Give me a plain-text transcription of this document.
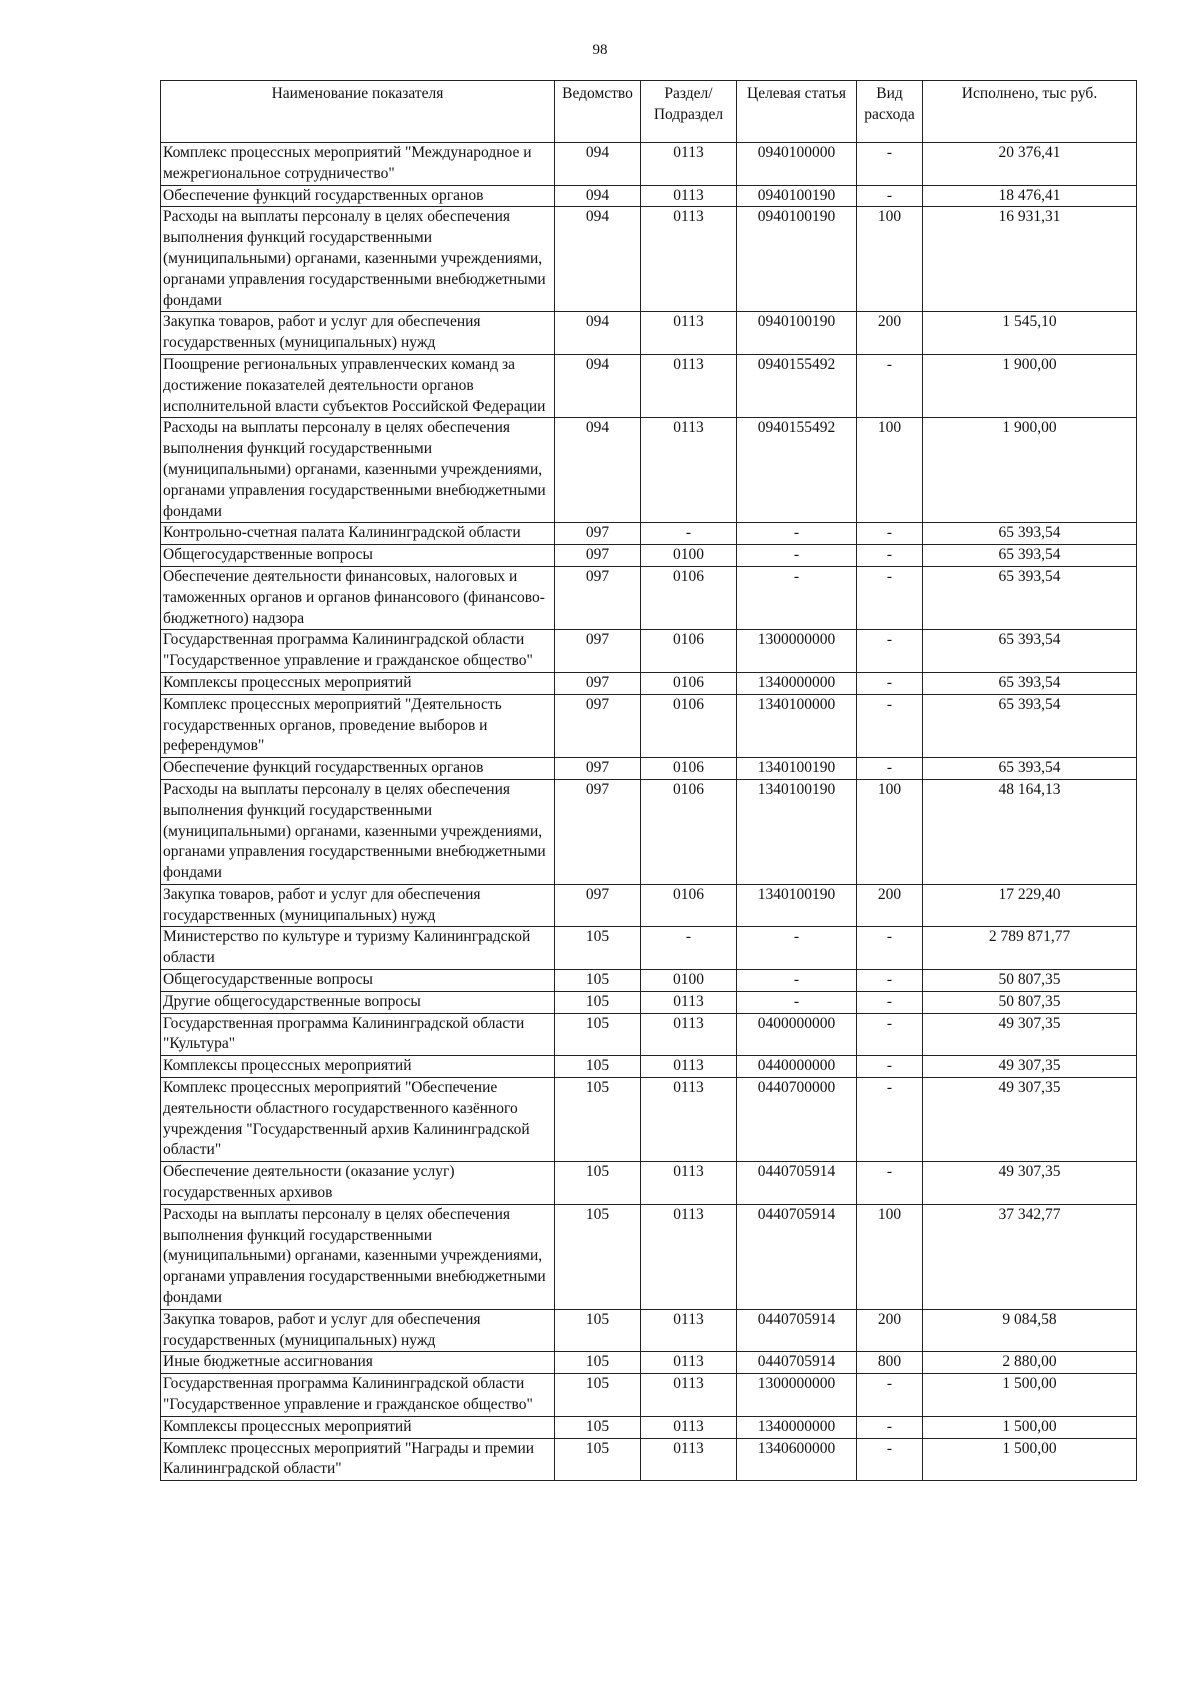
98
Наименование показателя	Ведомство	Раздел/ Подраздел	Целевая статья	Вид расхода	Исполнено, тыс руб.
Комплекс процессных мероприятий "Международное и межрегиональное сотрудничество"	094	0113	0940100000	-	20 376,41
Обеспечение функций государственных органов	094	0113	0940100190	-	18 476,41
Расходы на выплаты персоналу в целях обеспечения выполнения функций государственными (муниципальными) органами, казенными учреждениями, органами управления государственными внебюджетными фондами	094	0113	0940100190	100	16 931,31
Закупка товаров, работ и услуг для обеспечения государственных (муниципальных) нужд	094	0113	0940100190	200	1 545,10
Поощрение региональных управленческих команд за достижение показателей деятельности органов исполнительной власти субъектов Российской Федерации	094	0113	0940155492	-	1 900,00
Расходы на выплаты персоналу в целях обеспечения выполнения функций государственными (муниципальными) органами, казенными учреждениями, органами управления государственными внебюджетными фондами	094	0113	0940155492	100	1 900,00
Контрольно-счетная палата Калининградской области	097	-	-	-	65 393,54
Общегосударственные вопросы	097	0100	-	-	65 393,54
Обеспечение деятельности финансовых, налоговых и таможенных органов и органов финансового (финансово-бюджетного) надзора	097	0106	-	-	65 393,54
Государственная программа Калининградской области "Государственное управление и гражданское общество"	097	0106	1300000000	-	65 393,54
Комплексы процессных мероприятий	097	0106	1340000000	-	65 393,54
Комплекс процессных мероприятий "Деятельность государственных органов, проведение выборов и референдумов"	097	0106	1340100000	-	65 393,54
Обеспечение функций государственных органов	097	0106	1340100190	-	65 393,54
Расходы на выплаты персоналу в целях обеспечения выполнения функций государственными (муниципальными) органами, казенными учреждениями, органами управления государственными внебюджетными фондами	097	0106	1340100190	100	48 164,13
Закупка товаров, работ и услуг для обеспечения государственных (муниципальных) нужд	097	0106	1340100190	200	17 229,40
Министерство по культуре и туризму Калининградской области	105	-	-	-	2 789 871,77
Общегосударственные вопросы	105	0100	-	-	50 807,35
Другие общегосударственные вопросы	105	0113	-	-	50 807,35
Государственная программа Калининградской области "Культура"	105	0113	0400000000	-	49 307,35
Комплексы процессных мероприятий	105	0113	0440000000	-	49 307,35
Комплекс процессных мероприятий "Обеспечение деятельности областного государственного казённого учреждения "Государственный архив Калининградской области"	105	0113	0440700000	-	49 307,35
Обеспечение деятельности (оказание услуг) государственных архивов	105	0113	0440705914	-	49 307,35
Расходы на выплаты персоналу в целях обеспечения выполнения функций государственными (муниципальными) органами, казенными учреждениями, органами управления государственными внебюджетными фондами	105	0113	0440705914	100	37 342,77
Закупка товаров, работ и услуг для обеспечения государственных (муниципальных) нужд	105	0113	0440705914	200	9 084,58
Иные бюджетные ассигнования	105	0113	0440705914	800	2 880,00
Государственная программа Калининградской области "Государственное управление и гражданское общество"	105	0113	1300000000	-	1 500,00
Комплексы процессных мероприятий	105	0113	1340000000	-	1 500,00
Комплекс процессных мероприятий "Награды и премии Калининградской области"	105	0113	1340600000	-	1 500,00
